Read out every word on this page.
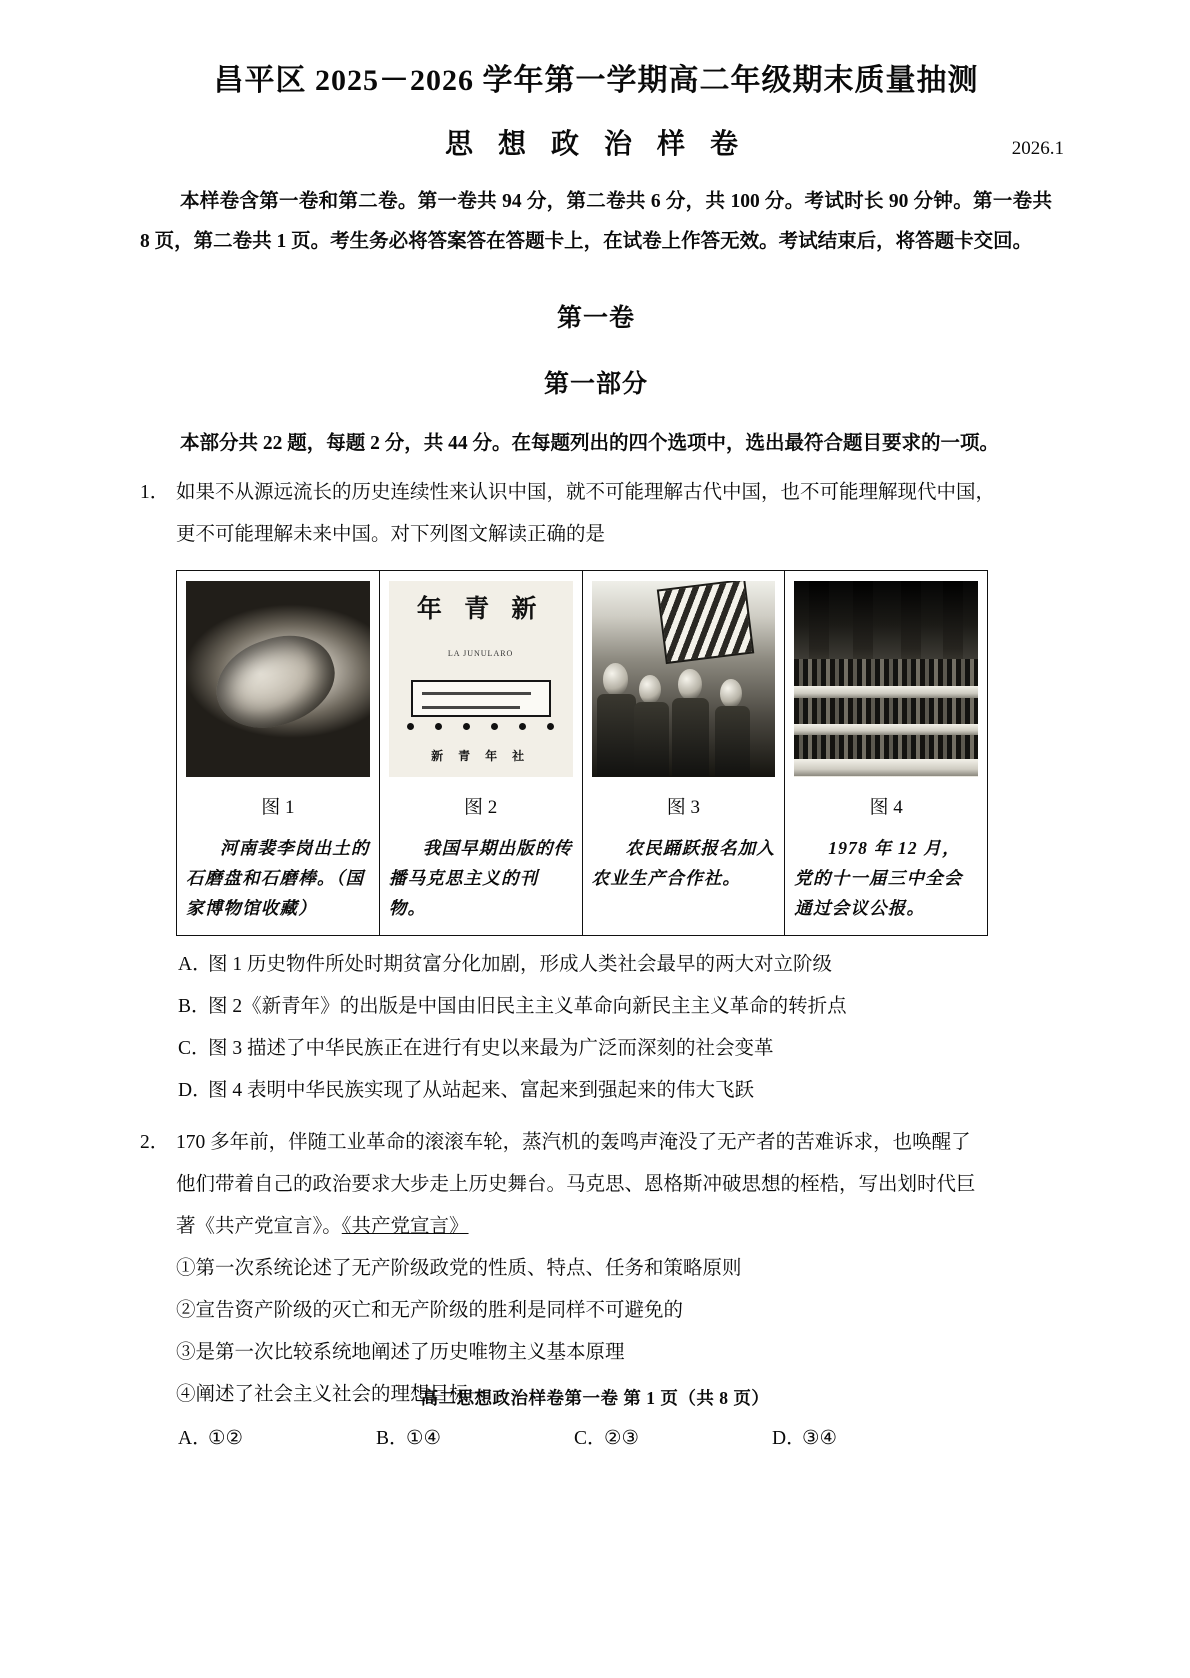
昌平区 2025－2026 学年第一学期高二年级期末质量抽测
思 想 政 治 样 卷	2026.1
本样卷含第一卷和第二卷。第一卷共 94 分，第二卷共 6 分，共 100 分。考试时长 90 分钟。第一卷共 8 页，第二卷共 1 页。考生务必将答案答在答题卡上，在试卷上作答无效。考试结束后，将答题卡交回。
第一卷
第一部分
本部分共 22 题，每题 2 分，共 44 分。在每题列出的四个选项中，选出最符合题目要求的一项。
1． 如果不从源远流长的历史连续性来认识中国，就不可能理解古代中国，也不可能理解现代中国，
更不可能理解未来中国。对下列图文解读正确的是
图 1
河南裴李岗出土的石磨盘和石磨棒。（国家博物馆收藏）
年 青 新
LA JUNULARO
新 青 年 社
图 2
我国早期出版的传播马克思主义的刊物。
图 3
农民踊跃报名加入农业生产合作社。
图 4
1978 年 12 月，党的十一届三中全会通过会议公报。
A．图 1 历史物件所处时期贫富分化加剧，形成人类社会最早的两大对立阶级
B．图 2《新青年》的出版是中国由旧民主主义革命向新民主主义革命的转折点
C．图 3 描述了中华民族正在进行有史以来最为广泛而深刻的社会变革
D．图 4 表明中华民族实现了从站起来、富起来到强起来的伟大飞跃
2． 170 多年前，伴随工业革命的滚滚车轮，蒸汽机的轰鸣声淹没了无产者的苦难诉求，也唤醒了
他们带着自己的政治要求大步走上历史舞台。马克思、恩格斯冲破思想的桎梏，写出划时代巨
著《共产党宣言》。《共产党宣言》
①第一次系统论述了无产阶级政党的性质、特点、任务和策略原则
②宣告资产阶级的灭亡和无产阶级的胜利是同样不可避免的
③是第一次比较系统地阐述了历史唯物主义基本原理
④阐述了社会主义社会的理想目标－
A．①②	B．①④	C．②③	D．③④
高二思想政治样卷第一卷 第 1 页（共 8 页）
